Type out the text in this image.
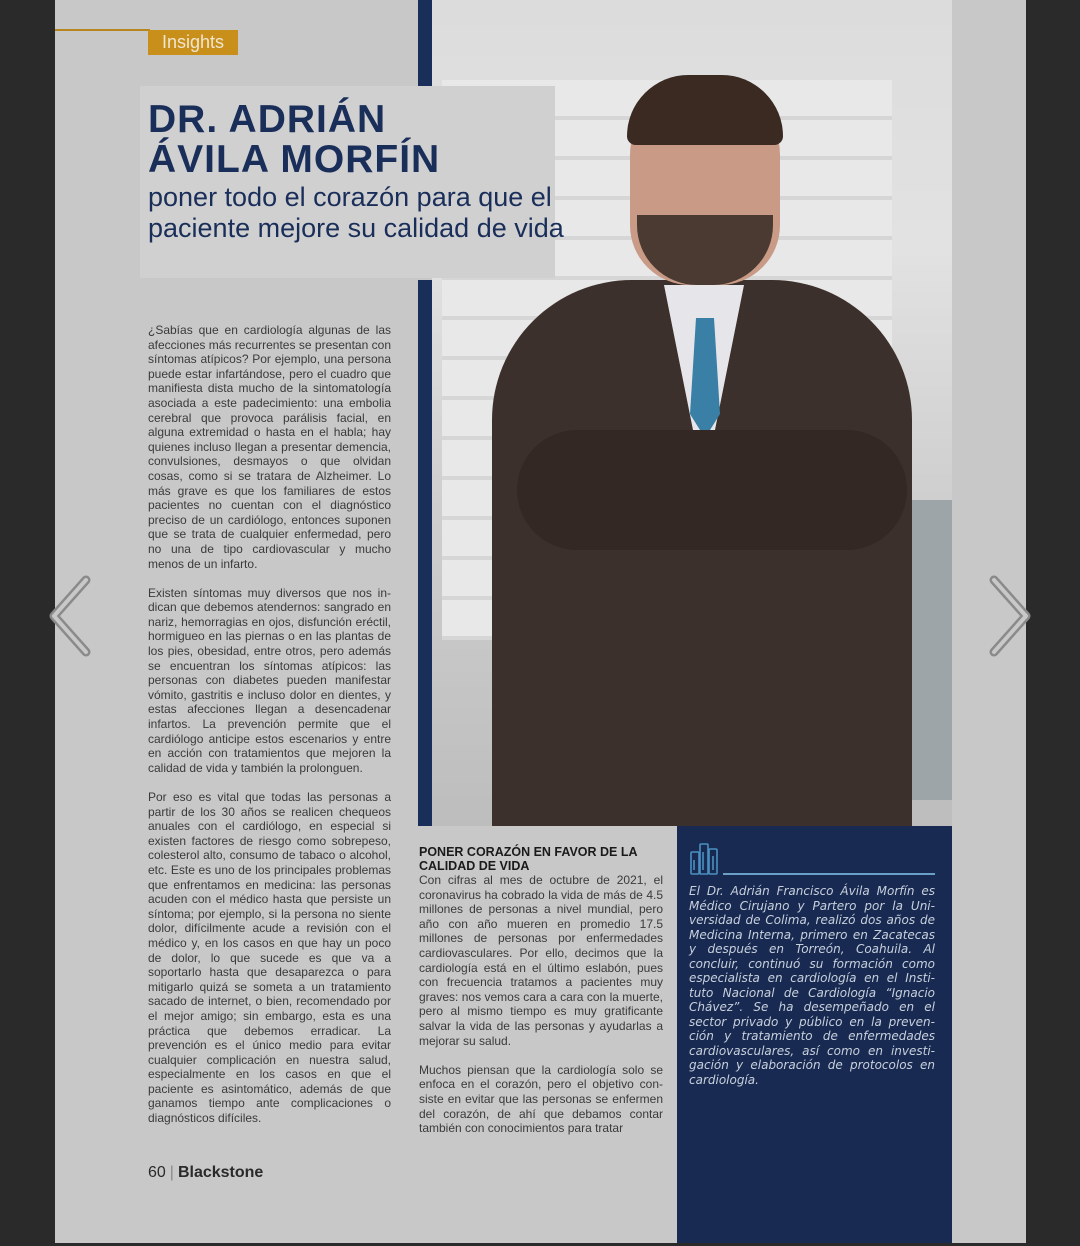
Insights
DR. ADRIÁN
ÁVILA MORFÍN
poner todo el corazón para que el paciente mejore su calidad de vida

¿Sabías que en cardiología algunas de las afecciones más recurrentes se presentan con síntomas atípicos? Por ejemplo, una persona puede estar infartándose, pero el cuadro que manifiesta dista mucho de la sintomatología asociada a este padecimiento: una embolia cerebral que provoca parálisis facial, en alguna extremidad o hasta en el habla; hay quienes incluso llegan a presentar demencia, convulsiones, desmayos o que olvidan cosas, como si se tratara de Alzheimer. Lo más grave es que los familiares de estos pacientes no cuentan con el diagnóstico preciso de un cardiólogo, entonces suponen que se trata de cualquier enfermedad, pero no una de tipo cardiovascular y mucho menos de un infarto.

Existen síntomas muy diversos que nos indican que debemos atendernos: sangrado en nariz, hemorragias en ojos, disfunción eréctil, hormigueo en las piernas o en las plantas de los pies, obesidad, entre otros, pero además se encuentran los síntomas atípicos: las personas con diabetes pueden manifestar vómito, gastritis e incluso dolor en dientes, y estas afecciones llegan a desencadenar infartos. La prevención permite que el cardiólogo anticipe estos escenarios y entre en acción con tratamientos que mejoren la calidad de vida y también la prolonguen.

Por eso es vital que todas las personas a partir de los 30 años se realicen chequeos anuales con el cardiólogo, en especial si existen factores de riesgo como sobrepeso, colesterol alto, consumo de tabaco o alcohol, etc. Este es uno de los principales problemas que enfrentamos en medicina: las personas acuden con el médico hasta que persiste un síntoma; por ejemplo, si la persona no siente dolor, difícilmente acude a revisión con el médico y, en los casos en que hay un poco de dolor, lo que sucede es que va a soportarlo hasta que desaparezca o para mitigarlo quizá se someta a un tratamiento sacado de internet, o bien, recomendado por el mejor amigo; sin embargo, esta es una práctica que debemos erradicar. La prevención es el único medio para evitar cualquier complicación en nuestra salud, especialmente en los casos en que el paciente es asintomático, además de que ganamos tiempo ante complicaciones o diagnósticos difíciles.

PONER CORAZÓN EN FAVOR DE LA CALIDAD DE VIDA

Con cifras al mes de octubre de 2021, el coronavirus ha cobrado la vida de más de 4.5 millones de personas a nivel mundial, pero año con año mueren en promedio 17.5 millones de personas por enfermedades cardiovasculares. Por ello, decimos que la cardiología está en el último eslabón, pues con frecuencia tratamos a pacientes muy graves: nos vemos cara a cara con la muerte, pero al mismo tiempo es muy gratificante salvar la vida de las personas y ayudarlas a mejorar su salud.

Muchos piensan que la cardiología solo se enfoca en el corazón, pero el objetivo consiste en evitar que las personas se enfermen del corazón, de ahí que debamos contar también con conocimientos para tratar

El Dr. Adrián Francisco Ávila Morfín es Médico Cirujano y Partero por la Universidad de Colima, realizó dos años de Medicina Interna, primero en Zacatecas y después en Torreón, Coahuila. Al concluir, continuó su formación como especialista en cardiología en el Instituto Nacional de Cardiología “Ignacio Chávez”. Se ha desempeñado en el sector privado y público en la prevención y tratamiento de enfermedades cardiovasculares, así como en investigación y elaboración de protocolos en cardiología.
60 | Blackstone
